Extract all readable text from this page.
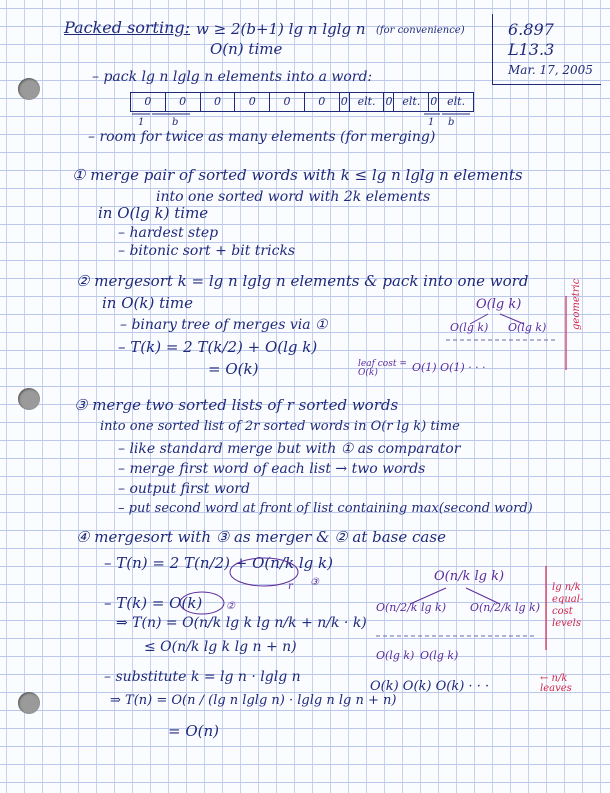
Packed sorting: w ≥ 2(b+1) lg n lglg n (for convenience)
O(n) time
6.897
L13.3
Mar. 17, 2005
– pack lg n lglg n elements into a word:
0	0	0	0	0	0	0 elt. 0 elt. 0 elt.
1	b	1 b
– room for twice as many elements (for merging)
① merge pair of sorted words with k ≤ lg n lglg n elements
into one sorted word with 2k elements
in O(lg k) time
– hardest step
– bitonic sort + bit tricks
② mergesort k = lg n lglg n elements & pack into one word
in O(k) time
– binary tree of merges via ①
– T(k) = 2 T(k/2) + O(lg k)
= O(k)
O(lg k)
O(lg k) O(lg k)
leaf cost = O(k)	O(1) O(1) · · ·
geometric
③ merge two sorted lists of r sorted words
into one sorted list of 2r sorted words in O(r lg k) time
– like standard merge but with ① as comparator
– merge first word of each list → two words
– output first word
– put second word at front of list containing max(second word)
④ mergesort with ③ as merger & ② at base case
– T(n) = 2 T(n/2) + O(n/k lg k)
r ③
– T(k) = O(k) ②
⇒ T(n) = O(n/k lg k lg n/k + n/k · k)
≤ O(n/k lg k lg n + n)
– substitute k = lg n · lglg n
⇒ T(n) = O(n / (lg n lglg n) · lglg n lg n + n)
= O(n)
O(n/k lg k)
O(n/2/k lg k) O(n/2/k lg k)
O(lg k) O(lg k)
O(k) O(k) O(k) · · ·
lg n/k equal-cost levels
← n/k leaves
